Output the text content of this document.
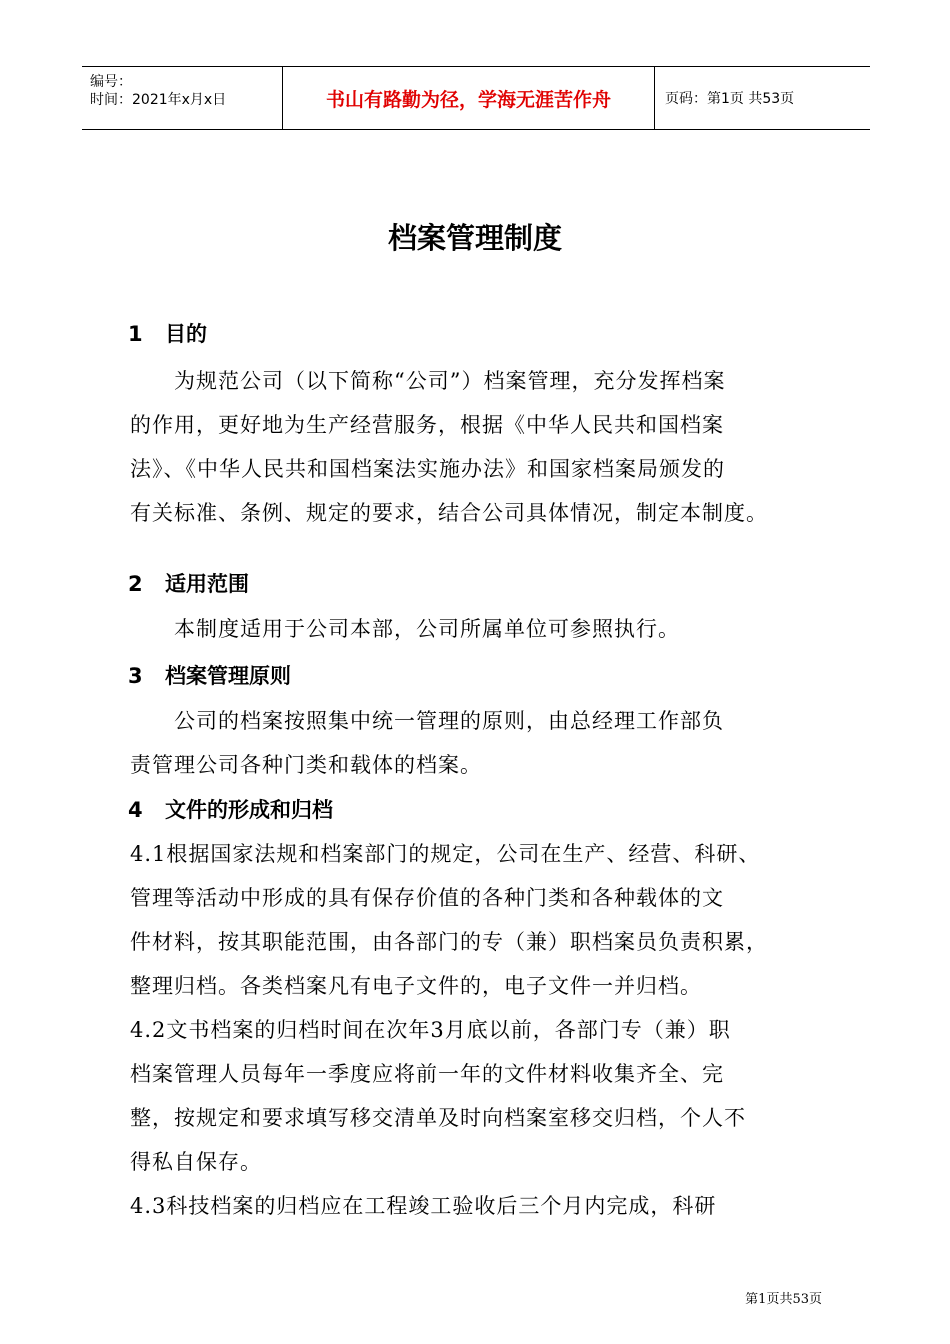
编号：
时间：2021年x月x日	书山有路勤为径，学海无涯苦作舟	页码：第1页 共53页
档案管理制度
1 目的
　　为规范公司（以下简称“公司”）档案管理，充分发挥档案
的作用，更好地为生产经营服务，根据《中华人民共和国档案
法》、《中华人民共和国档案法实施办法》和国家档案局颁发的
有关标准、条例、规定的要求，结合公司具体情况，制定本制度。
2 适用范围
　　本制度适用于公司本部，公司所属单位可参照执行。
3 档案管理原则
　　公司的档案按照集中统一管理的原则，由总经理工作部负
责管理公司各种门类和载体的档案。
4 文件的形成和归档
4.1根据国家法规和档案部门的规定，公司在生产、经营、科研、
管理等活动中形成的具有保存价值的各种门类和各种载体的文
件材料，按其职能范围，由各部门的专（兼）职档案员负责积累，
整理归档。各类档案凡有电子文件的，电子文件一并归档。
4.2文书档案的归档时间在次年3月底以前，各部门专（兼）职
档案管理人员每年一季度应将前一年的文件材料收集齐全、完
整，按规定和要求填写移交清单及时向档案室移交归档，个人不
得私自保存。
4.3科技档案的归档应在工程竣工验收后三个月内完成，科研
第1页共53页
